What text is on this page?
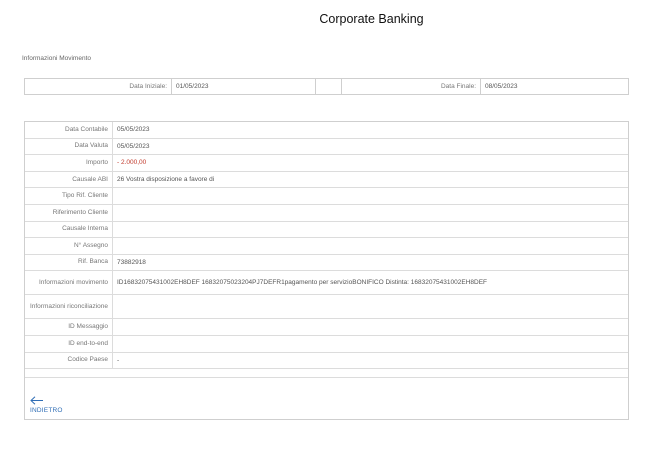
Corporate Banking
Informazioni Movimento
Data Iniziale:	01/05/2023	Data Finale:	08/05/2023
Data Contabile	05/05/2023
Data Valuta	05/05/2023
Importo	- 2.000,00
Causale ABI	26 Vostra disposizione a favore di
Tipo Rif. Cliente
Riferimento Cliente
Causale Interna
N° Assegno
Rif. Banca	73882918
Informazioni movimento	ID16832075431002EH8DEF 16832075023204PJ7DEFR1pagamento per servizioBONIFICO Distinta: 16832075431002EH8DEF
Informazioni riconciliazione
ID Messaggio
ID end-to-end
Codice Paese	-
INDIETRO
